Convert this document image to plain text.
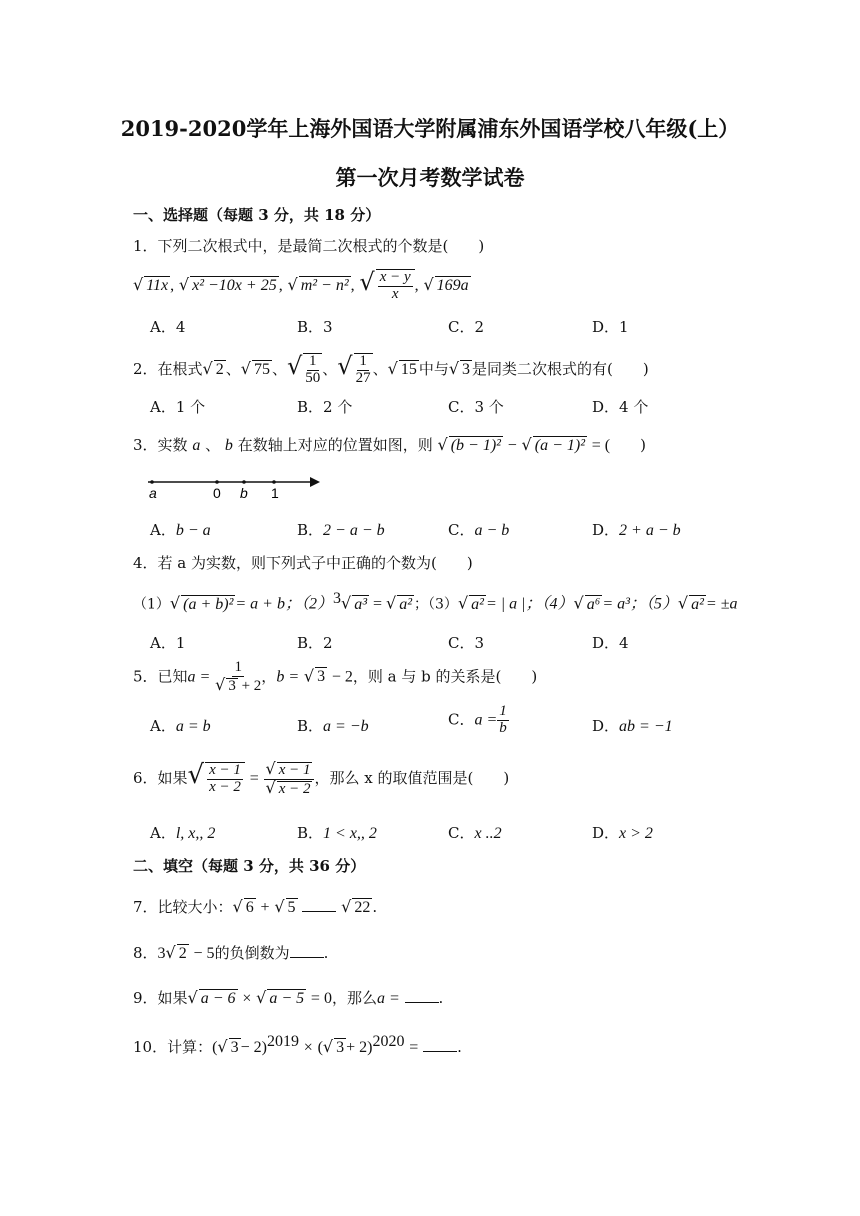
2019-2020学年上海外国语大学附属浦东外国语学校八年级(上）
第一次月考数学试卷
一、选择题（每题 3 分，共 18 分）
1．下列二次根式中，是最简二次根式的个数是( )
√ 11x , √ x² −10x + 25 , √ m² − n² , √ $\frac{x - y}{x}$ , √ 169a
A．4	B．3	C．2	D．1
2．在根式√ 2 、√ 75 、√ $\frac{1}{50}$ 、√ $\frac{1}{27}$ 、√ 15 中与√ 3 是同类二次根式的有( )
A．1 个	B．2 个	C．3 个	D．4 个
3．实数 a 、 b 在数轴上对应的位置如图，则 √ (b − 1)² − √ (a − 1)² = ( )
a	0 b 1
A．b − a	B．2 − a − b	C．a − b	D．2 + a − b
4．若 a 为实数，则下列式子中正确的个数为( )
（1）√ (a + b)² = a + b；$(2)^3√$ a³ = √ a² ；（3）√ a² = | a |；（4）√ a⁶ = a³；（5）√ a² = ±a
A．1	B．2	C．3	D．4
5．已知$a = \frac{1}{√ 3 + 2}$ ，b = √ 3 − 2，则 a 与 b 的关系是( )
A．a = b	B．a = −b	C．$a = \frac{1}{b}$	D．ab = −1
6．如果√ $\frac{x - 1}{x - 2} = \frac{√ x - 1}{√ x - 2}$ ，那么 x 的取值范围是( )
A．l, x,, 2	B．1 < x,, 2	C．x ..2	D．x > 2
二、填空（每题 3 分，共 36 分）
7．比较大小：√ 6 + √ 5	√ 22 .
8．3√ 2 − 5的负倒数为 .
9．如果√ a − 6 × √ a − 5 = 0，那么a =	.
10．计算：(√ 3 − 2)$^{2019}$ × (√ 3 + 2)$^{2020}$ =	.
